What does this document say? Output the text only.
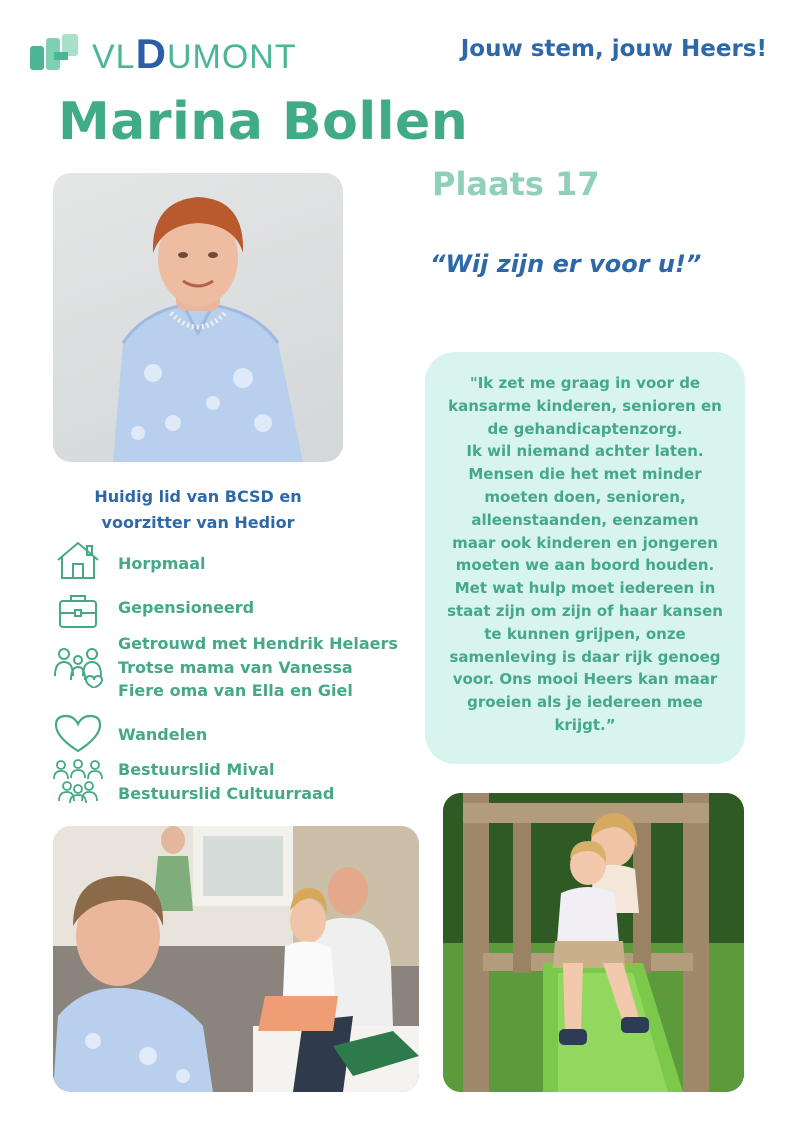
VLDUMONT	Jouw stem, jouw Heers!
Marina Bollen
Plaats 17
“Wij zijn er voor u!”
"Ik zet me graag in voor de
kansarme kinderen, senioren en
de gehandicaptenzorg.
Ik wil niemand achter laten.
Mensen die het met minder
moeten doen, senioren,
alleenstaanden, eenzamen
maar ook kinderen en jongeren
moeten we aan boord houden.
Met wat hulp moet iedereen in
staat zijn om zijn of haar kansen
te kunnen grijpen, onze
samenleving is daar rijk genoeg
voor. Ons mooi Heers kan maar
groeien als je iedereen mee
krijgt.”
Huidig lid van BCSD en
voorzitter van Hedior
Horpmaal
Gepensioneerd
Getrouwd met Hendrik Helaers
Trotse mama van Vanessa
Fiere oma van Ella en Giel
Wandelen
Bestuurslid Mival
Bestuurslid Cultuurraad
